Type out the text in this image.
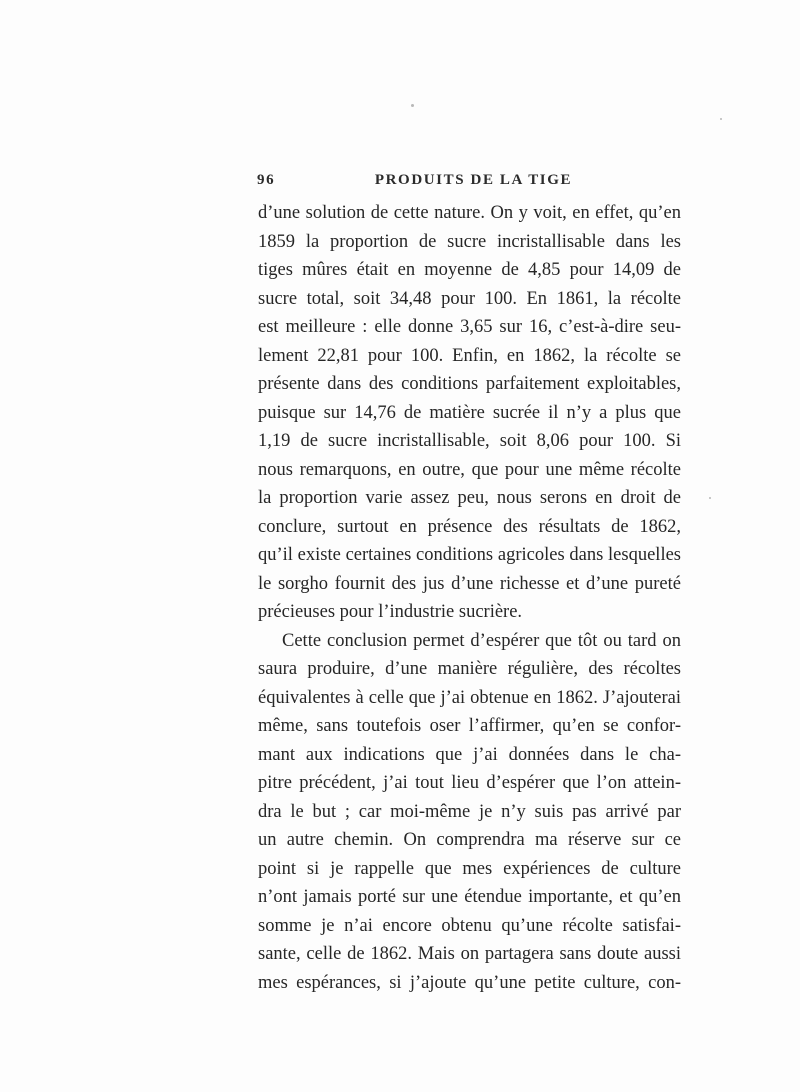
96	PRODUITS DE LA TIGE
d’une solution de cette nature. On y voit, en effet, qu’en
1859 la proportion de sucre incristallisable dans les
tiges mûres était en moyenne de 4,85 pour 14,09 de
sucre total, soit 34,48 pour 100. En 1861, la récolte
est meilleure : elle donne 3,65 sur 16, c’est-à-dire seu-
lement 22,81 pour 100. Enfin, en 1862, la récolte se
présente dans des conditions parfaitement exploitables,
puisque sur 14,76 de matière sucrée il n’y a plus que
1,19 de sucre incristallisable, soit 8,06 pour 100. Si
nous remarquons, en outre, que pour une même récolte
la proportion varie assez peu, nous serons en droit de
conclure, surtout en présence des résultats de 1862,
qu’il existe certaines conditions agricoles dans lesquelles
le sorgho fournit des jus d’une richesse et d’une pureté
précieuses pour l’industrie sucrière.
Cette conclusion permet d’espérer que tôt ou tard on
saura produire, d’une manière régulière, des récoltes
équivalentes à celle que j’ai obtenue en 1862. J’ajouterai
même, sans toutefois oser l’affirmer, qu’en se confor-
mant aux indications que j’ai données dans le cha-
pitre précédent, j’ai tout lieu d’espérer que l’on attein-
dra le but ; car moi-même je n’y suis pas arrivé par
un autre chemin. On comprendra ma réserve sur ce
point si je rappelle que mes expériences de culture
n’ont jamais porté sur une étendue importante, et qu’en
somme je n’ai encore obtenu qu’une récolte satisfai-
sante, celle de 1862. Mais on partagera sans doute aussi
mes espérances, si j’ajoute qu’une petite culture, con-
